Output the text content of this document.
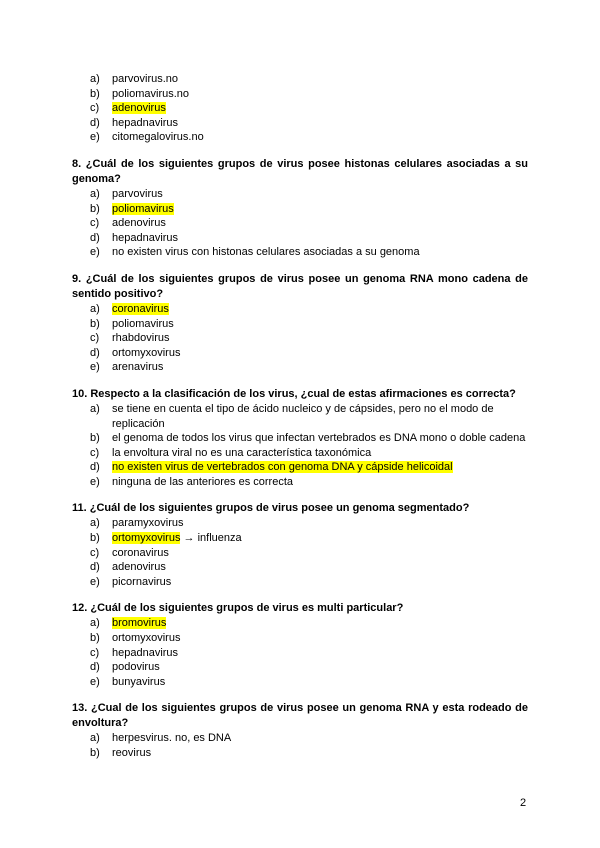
a) parvovirus.no
b) poliomavirus.no
c) adenovirus
d) hepadnavirus
e) citomegalovirus.no
8. ¿Cuál de los siguientes grupos de virus posee histonas celulares asociadas a su genoma?
a) parvovirus
b) poliomavirus
c) adenovirus
d) hepadnavirus
e) no existen virus con histonas celulares asociadas a su genoma
9. ¿Cuál de los siguientes grupos de virus posee un genoma RNA mono cadena de sentido positivo?
a) coronavirus
b) poliomavirus
c) rhabdovirus
d) ortomyxovirus
e) arenavirus
10. Respecto a la clasificación de los virus, ¿cual de estas afirmaciones es correcta?
a) se tiene en cuenta el tipo de ácido nucleico y de cápsides, pero no el modo de replicación
b) el genoma de todos los virus que infectan vertebrados es DNA mono o doble cadena
c) la envoltura viral no es una característica taxonómica
d) no existen virus de vertebrados con genoma DNA y cápside helicoidal
e) ninguna de las anteriores es correcta
11. ¿Cuál de los siguientes grupos de virus posee un genoma segmentado?
a) paramyxovirus
b) ortomyxovirus → influenza
c) coronavirus
d) adenovirus
e) picornavirus
12. ¿Cuál de los siguientes grupos de virus es multi particular?
a) bromovirus
b) ortomyxovirus
c) hepadnavirus
d) podovirus
e) bunyavirus
13. ¿Cual de los siguientes grupos de virus posee un genoma RNA y esta rodeado de envoltura?
a) herpesvirus. no, es DNA
b) reovirus
2
